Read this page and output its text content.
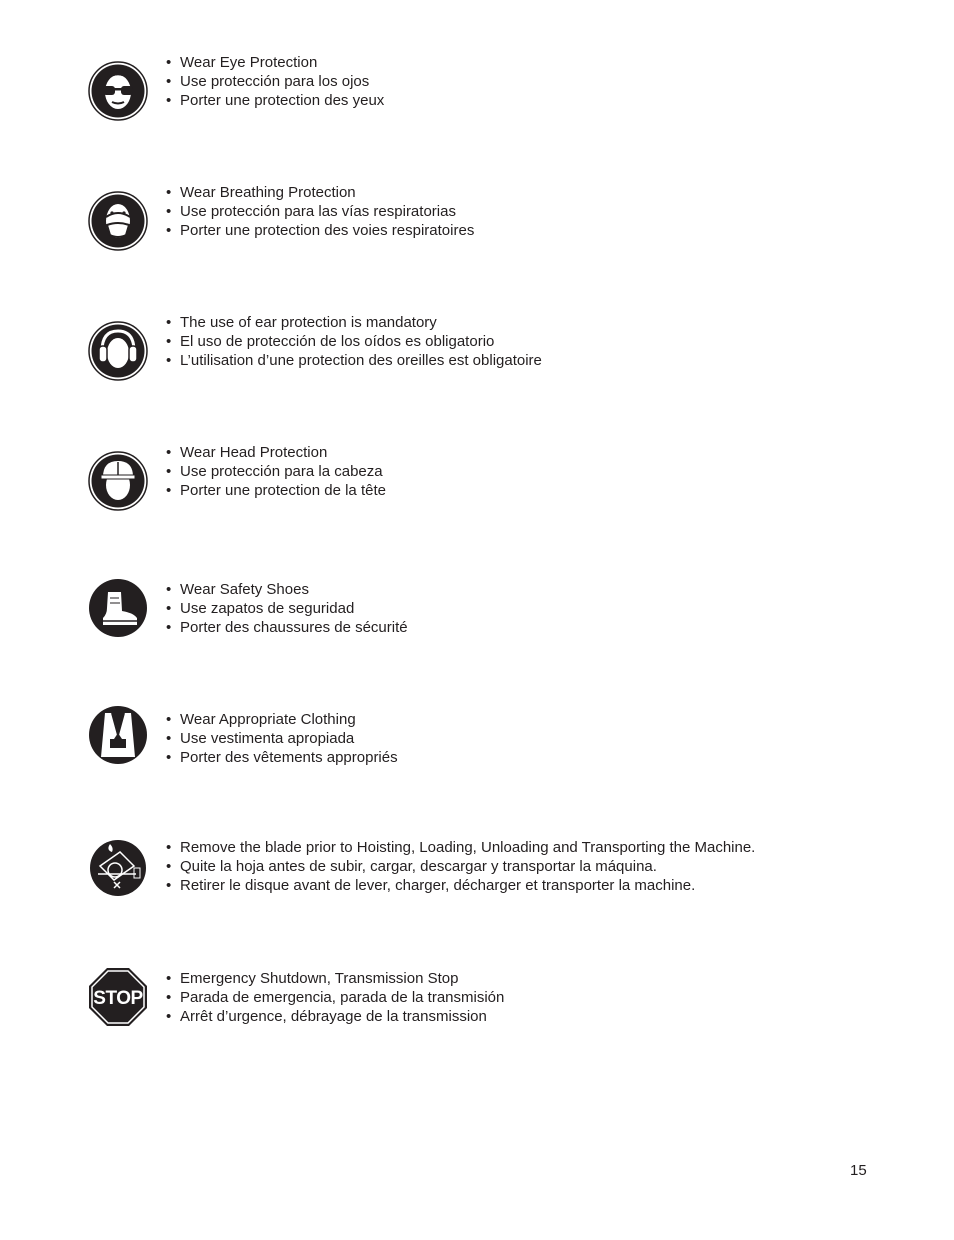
• Wear Eye Protection
• Use protección para los ojos
• Porter une protection des yeux
• Wear Breathing Protection
• Use protección para las vías respiratorias
• Porter une protection des voies respiratoires
• The use of ear protection is mandatory
• El uso de protección de los oídos es obligatorio
• L’utilisation d’une protection des oreilles est obligatoire
• Wear Head Protection
• Use protección para la cabeza
• Porter une protection de la tête
• Wear Safety Shoes
• Use zapatos de seguridad
• Porter des chaussures de sécurité
• Wear Appropriate Clothing
• Use vestimenta apropiada
• Porter des vêtements appropriés
• Remove the blade prior to Hoisting, Loading, Unloading and Transporting the Machine.
• Quite la hoja antes de subir, cargar, descargar y transportar la máquina.
• Retirer le disque avant de lever, charger, décharger et transporter la machine.
STOP
• Emergency Shutdown, Transmission Stop
• Parada de emergencia, parada de la transmisión
• Arrêt d’urgence, débrayage de la transmission
15
